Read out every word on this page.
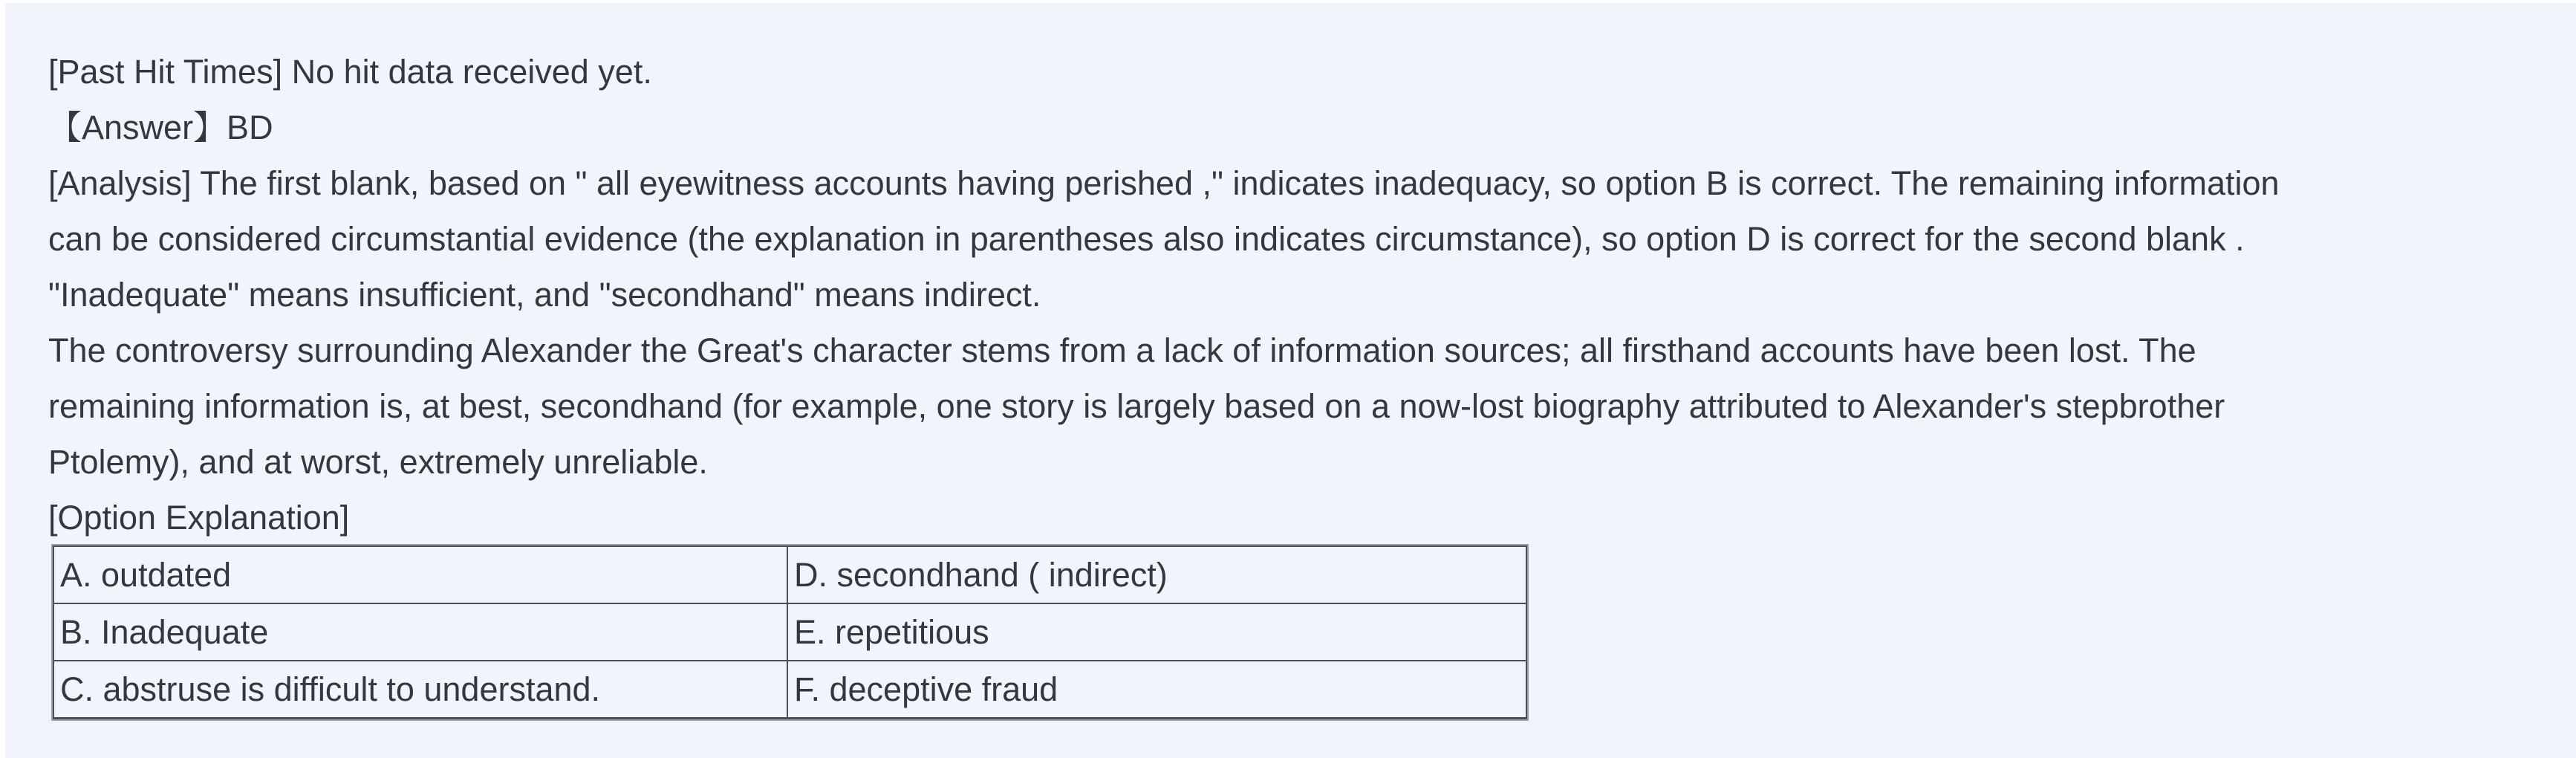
[Past Hit Times] No hit data received yet.
【Answer】BD
[Analysis] The first blank, based on " all eyewitness accounts having perished ," indicates inadequacy, so option B is correct. The remaining information
can be considered circumstantial evidence (the explanation in parentheses also indicates circumstance), so option D is correct for the second blank .
"Inadequate" means insufficient, and "secondhand" means indirect.
The controversy surrounding Alexander the Great's character stems from a lack of information sources; all firsthand accounts have been lost. The
remaining information is, at best, secondhand (for example, one story is largely based on a now-lost biography attributed to Alexander's stepbrother
Ptolemy), and at worst, extremely unreliable.
[Option Explanation]
A. outdated	D. secondhand ( indirect)
B. Inadequate	E. repetitious
C. abstruse is difficult to understand.	F. deceptive fraud
